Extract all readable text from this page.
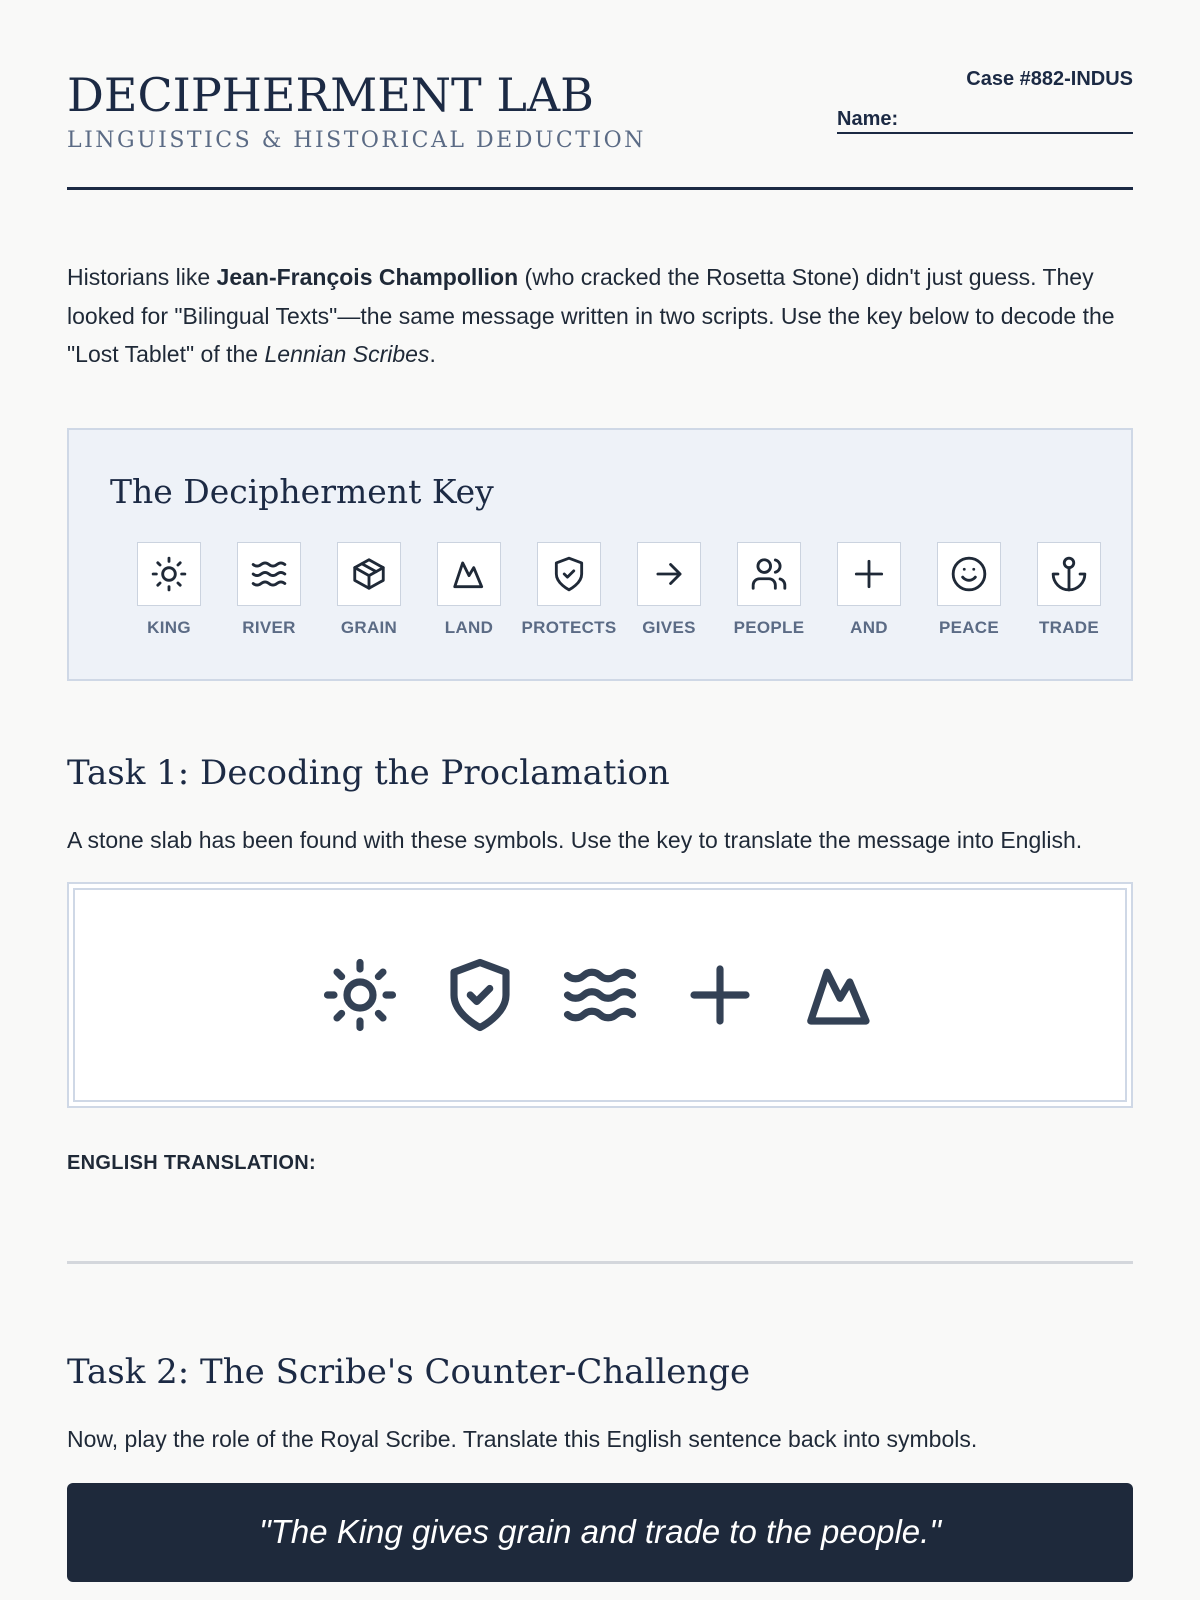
DECIPHERMENT LAB
LINGUISTICS & HISTORICAL DEDUCTION
Case #882-INDUS
Name:

Historians like Jean-François Champollion (who cracked the Rosetta Stone) didn't just guess. They looked for "Bilingual Texts"—the same message written in two scripts. Use the key below to decode the "Lost Tablet" of the Lennian Scribes.

The Decipherment Key
KING	RIVER	GRAIN	LAND PROTECTS GIVES PEOPLE	AND	PEACE TRADE
Task 1: Decoding the Proclamation
A stone slab has been found with these symbols. Use the key to translate the message into English.
ENGLISH TRANSLATION:
Task 2: The Scribe's Counter-Challenge
Now, play the role of the Royal Scribe. Translate this English sentence back into symbols.
"The King gives grain and trade to the people."
